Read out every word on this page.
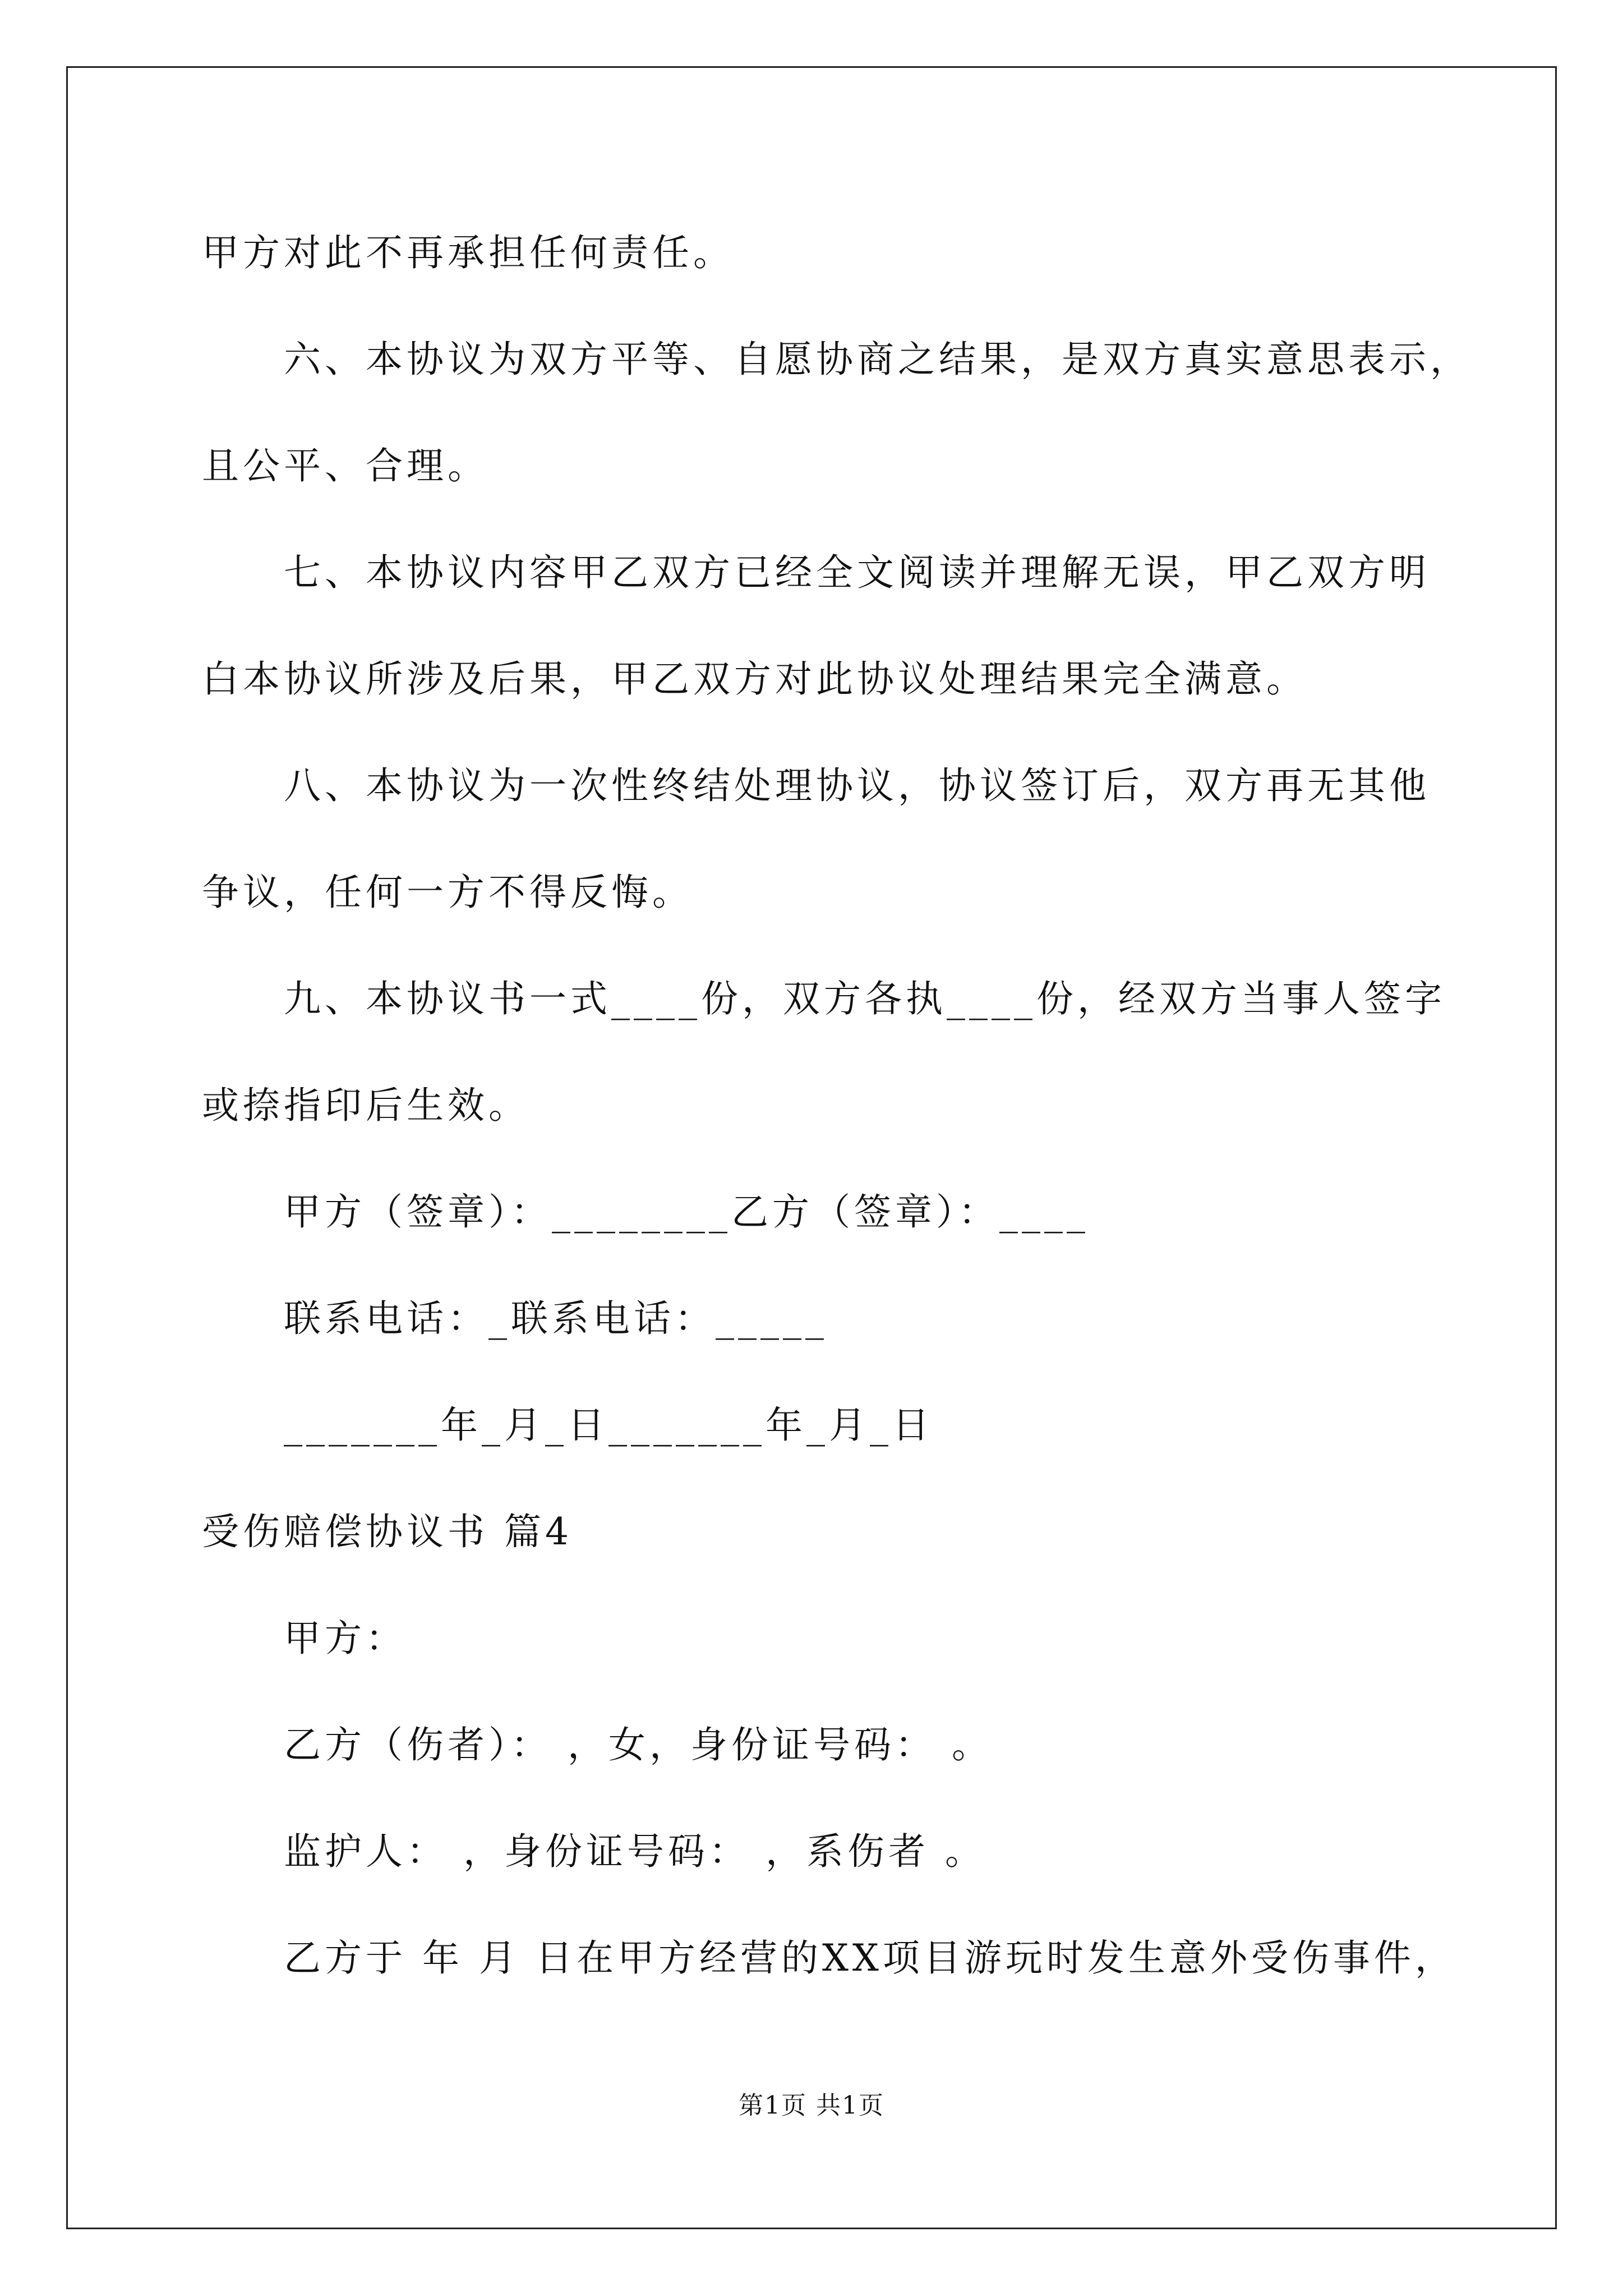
甲方对此不再承担任何责任。
六、本协议为双方平等、自愿协商之结果，是双方真实意思表示，
且公平、合理。
七、本协议内容甲乙双方已经全文阅读并理解无误，甲乙双方明
白本协议所涉及后果，甲乙双方对此协议处理结果完全满意。
八、本协议为一次性终结处理协议，协议签订后，双方再无其他
争议，任何一方不得反悔。
九、本协议书一式____份，双方各执____份，经双方当事人签字
或捺指印后生效。
甲方（签章）：________乙方（签章）：____
联系电话：_联系电话：_____
_______年_月_日_______年_月_日
受伤赔偿协议书 篇4
甲方：
乙方（伤者）： ，女，身份证号码： 。
监护人： ，身份证号码： ，系伤者 。
乙方于 年 月 日在甲方经营的XX项目游玩时发生意外受伤事件，
第1页 共1页
